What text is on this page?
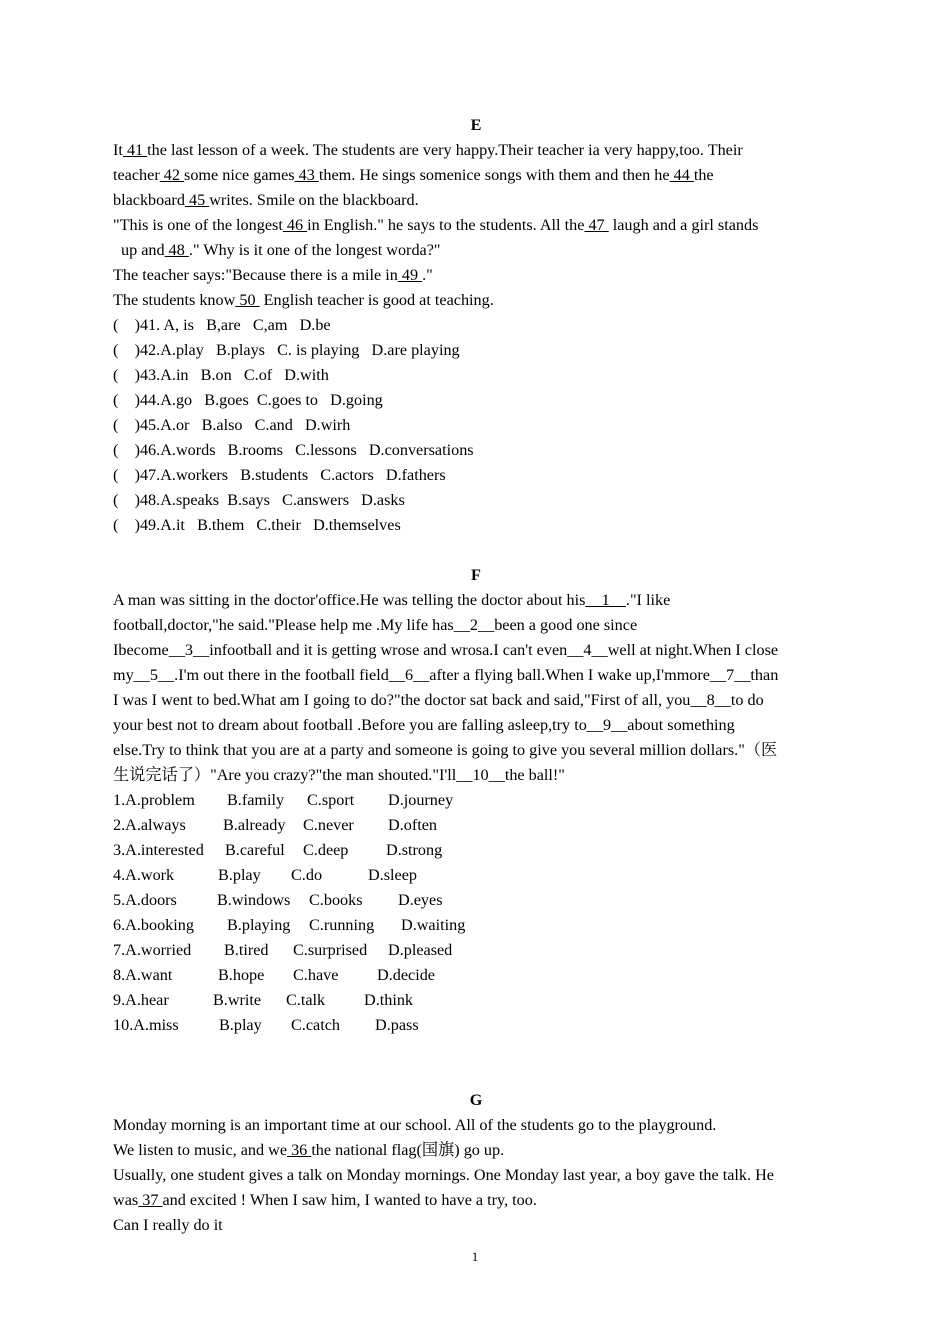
E
It 41 the last lesson of a week. The students are very happy.Their teacher ia very happy,too. Their
teacher 42 some nice games 43 them. He sings somenice songs with them and then he 44 the
blackboard 45 writes. Smile on the blackboard.
"This is one of the longest 46 in English." he says to the students. All the 47  laugh and a girl stands
up and 48 ." Why is it one of the longest worda?"
The teacher says:"Because there is a mile in 49 ."
The students know 50  English teacher is good at teaching.
(    )41. A, is   B,are   C,am   D.be
(    )42.A.play   B.plays   C. is playing   D.are playing
(    )43.A.in   B.on   C.of   D.with
(    )44.A.go   B.goes  C.goes to   D.going
(    )45.A.or   B.also   C.and   D.wirh
(    )46.A.words   B.rooms   C.lessons   D.conversations
(    )47.A.workers   B.students   C.actors   D.fathers
(    )48.A.speaks  B.says   C.answers   D.asks
(    )49.A.it   B.them   C.their   D.themselves
F
A man was sitting in the doctor'office.He was telling the doctor about his__1__."I like
football,doctor,"he said."Please help me .My life has__2__been a good one since
Ibecome__3__infootball and it is getting wrose and wrosa.I can't even__4__well at night.When I close
my__5__.I'm out there in the football field__6__after a flying ball.When I wake up,I'mmore__7__than
I was I went to bed.What am I going to do?"the doctor sat back and said,"First of all, you__8__to do
your best not to dream about football .Before you are falling asleep,try to__9__about something
else.Try to think that you are at a party and someone is going to give you several million dollars."（医
生说完话了）"Are you crazy?"the man shouted."I'll__10__the ball!"
1.A.problem B.family C.sport D.journey
2.A.always B.already C.never D.often
3.A.interested B.careful C.deep D.strong
4.A.work	B.play C.do	D.sleep
5.A.doors B.windows C.books D.eyes
6.A.booking B.playing C.running D.waiting
7.A.worried B.tired C.surprised D.pleased
8.A.want	B.hope C.have D.decide
9.A.hear	B.write C.talk D.think
10.A.miss B.play C.catch D.pass
G
Monday morning is an important time at our school. All of the students go to the playground.
We listen to music, and we 36 the national flag(国旗) go up.
Usually, one student gives a talk on Monday mornings. One Monday last year, a boy gave the talk. He
was 37 and excited ! When I saw him, I wanted to have a try, too.
Can I really do it
1
